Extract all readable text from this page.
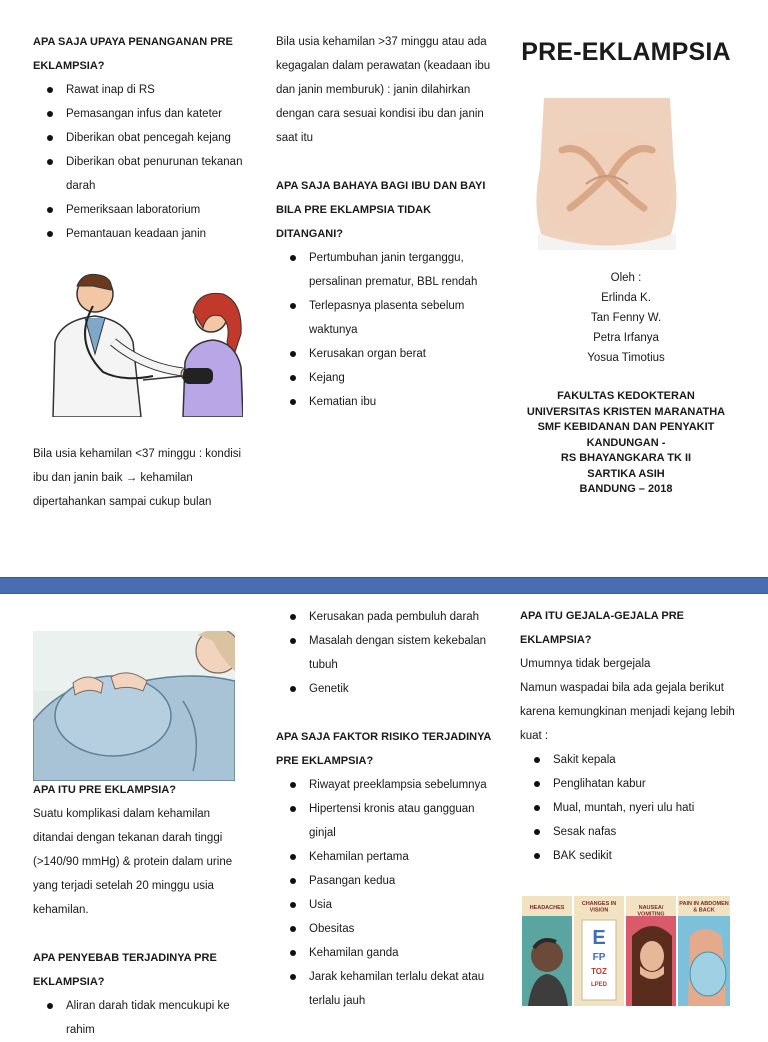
APA SAJA UPAYA PENANGANAN PRE EKLAMPSIA?
Rawat inap di RS
Pemasangan infus dan kateter
Diberikan obat pencegah kejang
Diberikan obat penurunan tekanan darah
Pemeriksaan laboratorium
Pemantauan keadaan janin

Bila usia kehamilan <37 minggu : kondisi ibu dan janin baik → kehamilan dipertahankan sampai cukup bulan

Bila usia kehamilan >37 minggu atau ada kegagalan dalam perawatan (keadaan ibu dan janin memburuk) : janin dilahirkan dengan cara sesuai kondisi ibu dan janin saat itu

APA SAJA BAHAYA BAGI IBU DAN BAYI BILA PRE EKLAMPSIA TIDAK DITANGANI?
Pertumbuhan janin terganggu, persalinan prematur, BBL rendah
Terlepasnya plasenta sebelum waktunya
Kerusakan organ berat
Kejang
Kematian ibu
PRE-EKLAMPSIA
Oleh :
Erlinda K.
Tan Fenny W.
Petra Irfanya
Yosua Timotius
FAKULTAS KEDOKTERAN
UNIVERSITAS KRISTEN MARANATHA
SMF KEBIDANAN DAN PENYAKIT
KANDUNGAN -
RS BHAYANGKARA TK II
SARTIKA ASIH
BANDUNG – 2018
APA ITU PRE EKLAMPSIA?

Suatu komplikasi dalam kehamilan ditandai dengan tekanan darah tinggi (>140/90 mmHg) & protein dalam urine yang terjadi setelah 20 minggu usia kehamilan.

APA PENYEBAB TERJADINYA PRE EKLAMPSIA?
Aliran darah tidak mencukupi ke rahim
Kerusakan pada pembuluh darah
Masalah dengan sistem kekebalan tubuh
Genetik
APA SAJA FAKTOR RISIKO TERJADINYA PRE EKLAMPSIA?
Riwayat preeklampsia sebelumnya
Hipertensi kronis atau gangguan ginjal
Kehamilan pertama
Pasangan kedua
Usia
Obesitas
Kehamilan ganda
Jarak kehamilan terlalu dekat atau terlalu jauh
APA ITU GEJALA-GEJALA PRE EKLAMPSIA?

Umumnya tidak bergejala

Namun waspadai bila ada gejala berikut karena kemungkinan menjadi kejang lebih kuat :

Sakit kepala
Penglihatan kabur
Mual, muntah, nyeri ulu hati
Sesak nafas
BAK sedikit
HEADACHES
CHANGES IN VISION
E
FP
TOZ
LPED
NAUSEA/ VOMITING
PAIN IN ABDOMEN & BACK
